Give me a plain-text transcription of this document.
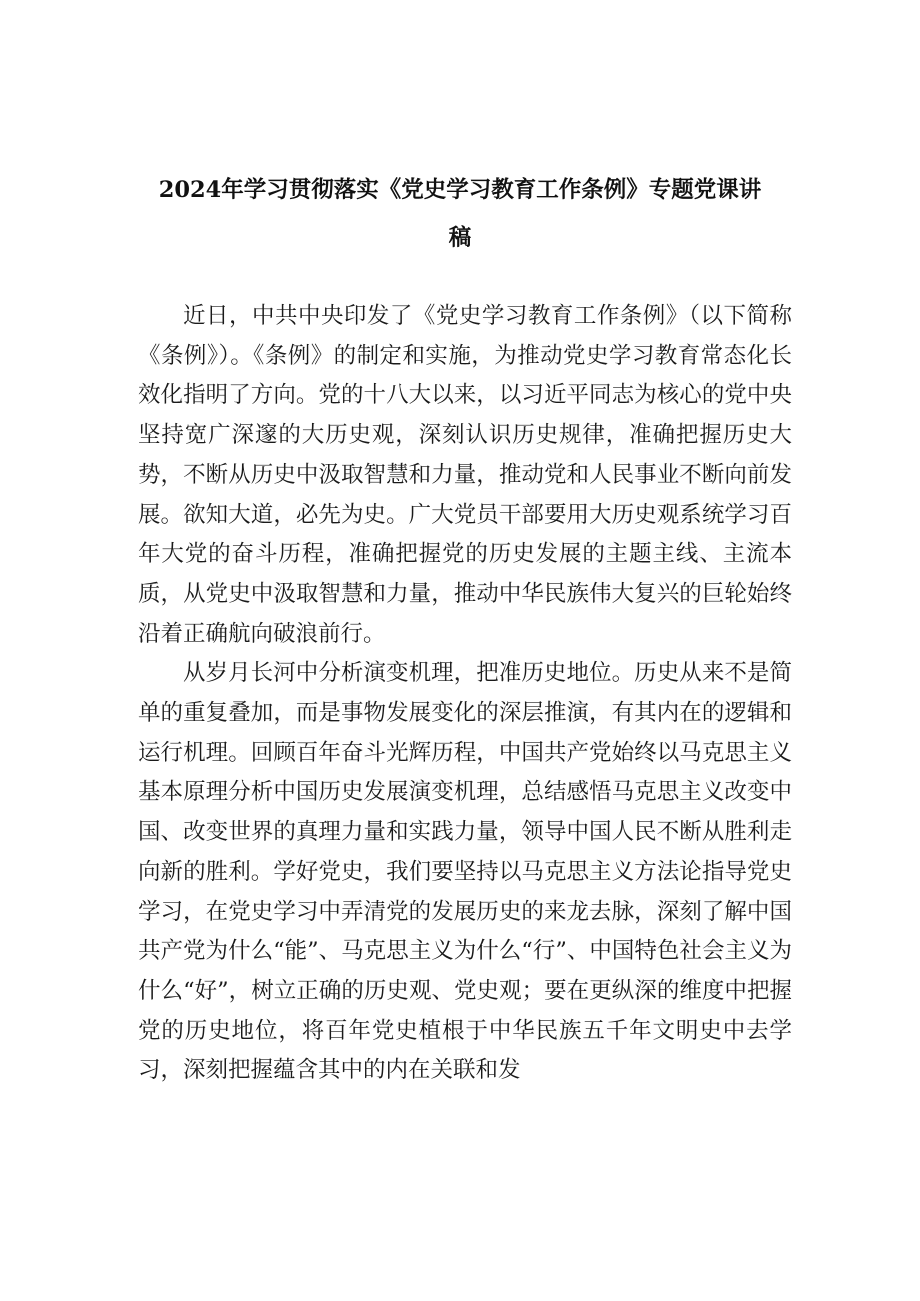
2024年学习贯彻落实《党史学习教育工作条例》专题党课讲
稿

近日，中共中央印发了《党史学习教育工作条例》（以下简称《条例》）。《条例》的制定和实施，为推动党史学习教育常态化长效化指明了方向。党的十八大以来，以习近平同志为核心的党中央坚持宽广深邃的大历史观，深刻认识历史规律，准确把握历史大势，不断从历史中汲取智慧和力量，推动党和人民事业不断向前发展。欲知大道，必先为史。广大党员干部要用大历史观系统学习百年大党的奋斗历程，准确把握党的历史发展的主题主线、主流本质，从党史中汲取智慧和力量，推动中华民族伟大复兴的巨轮始终沿着正确航向破浪前行。

从岁月长河中分析演变机理，把准历史地位。历史从来不是简单的重复叠加，而是事物发展变化的深层推演，有其内在的逻辑和运行机理。回顾百年奋斗光辉历程，中国共产党始终以马克思主义基本原理分析中国历史发展演变机理，总结感悟马克思主义改变中国、改变世界的真理力量和实践力量，领导中国人民不断从胜利走向新的胜利。学好党史，我们要坚持以马克思主义方法论指导党史学习，在党史学习中弄清党的发展历史的来龙去脉，深刻了解中国共产党为什么“能”、马克思主义为什么“行”、中国特色社会主义为什么“好”，树立正确的历史观、党史观；要在更纵深的维度中把握党的历史地位，将百年党史植根于中华民族五千年文明史中去学习，深刻把握蕴含其中的内在关联和发
